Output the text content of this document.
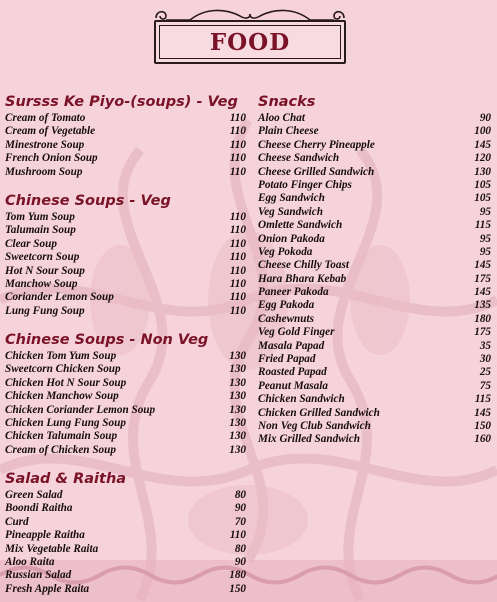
FOOD
Sursss Ke Piyo-(soups) - Veg
Cream of Tomato	110
Cream of Vegetable	110
Minestrone Soup	110
French Onion Soup	110
Mushroom Soup	110
Chinese Soups - Veg
Tom Yum Soup	110
Talumain Soup	110
Clear Soup	110
Sweetcorn Soup	110
Hot N Sour Soup	110
Manchow Soup	110
Coriander Lemon Soup	110
Lung Fung Soup	110
Chinese Soups - Non Veg
Chicken Tom Yum Soup	130
Sweetcorn Chicken Soup	130
Chicken Hot N Sour Soup	130
Chicken Manchow Soup	130
Chicken Coriander Lemon Soup	130
Chicken Lung Fung Soup	130
Chicken Talumain Soup	130
Cream of Chicken Soup	130
Salad & Raitha
Green Salad	80
Boondi Raitha	90
Curd	70
Pineapple Raitha	110
Mix Vegetable Raita	80
Aloo Raita	90
Russian Salad	180
Fresh Apple Raita	150
Snacks
Aloo Chat	90
Plain Cheese	100
Cheese Cherry Pineapple	145
Cheese Sandwich	120
Cheese Grilled Sandwich	130
Potato Finger Chips	105
Egg Sandwich	105
Veg Sandwich	95
Omlette Sandwich	115
Onion Pakoda	95
Veg Pokoda	95
Cheese Chilly Toast	145
Hara Bhara Kebab	175
Paneer Pakoda	145
Egg Pakoda	135
Cashewnuts	180
Veg Gold Finger	175
Masala Papad	35
Fried Papad	30
Roasted Papad	25
Peanut Masala	75
Chicken Sandwich	115
Chicken Grilled Sandwich	145
Non Veg Club Sandwich	150
Mix Grilled Sandwich	160
